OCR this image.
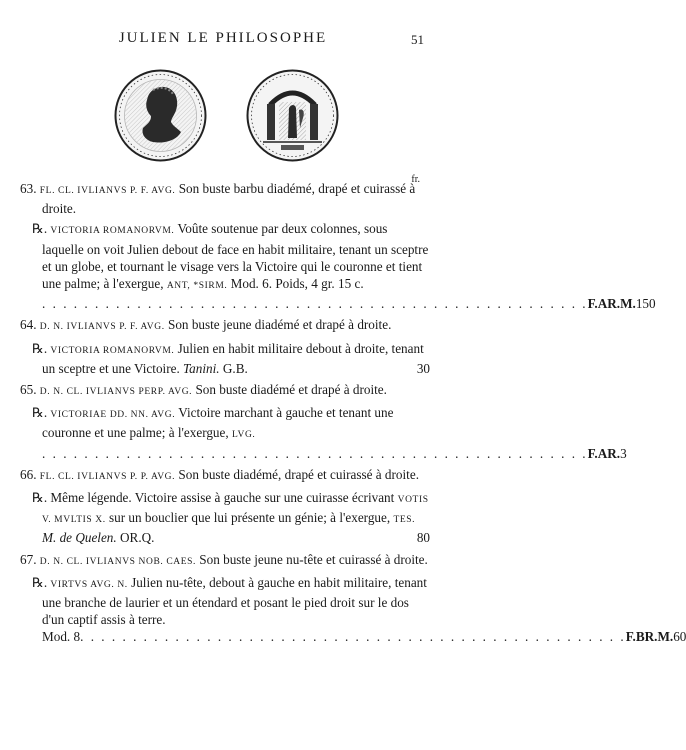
JULIEN LE PHILOSOPHE	51
fr.
63. FL. CL. IVLIANVS P. F. AVG. Son buste barbu diadémé, drapé et cuirassé à droite.
℞. VICTORIA ROMANORVM. Voûte soutenue par deux colonnes, sous laquelle on voit Julien debout de face en habit militaire, tenant un sceptre et un globe, et tournant le visage vers la Victoire qui le couronne et tient une palme; à l'exergue, ANT, *SIRM. Mod. 6. Poids, 4 gr. 15 c.
. . . . . . . . . . . . . . . . . . . . . . . . . . . . . . . . . . . . . . . . . . . . . . . . . . . . F.AR.M. 150
64. D. N. IVLIANVS P. F. AVG. Son buste jeune diadémé et drapé à droite.
℞. VICTORIA ROMANORVM. Julien en habit militaire debout à droite, tenant un sceptre et une Victoire. Tanini. G.B.	30
65. D. N. CL. IVLIANVS PERP. AVG. Son buste diadémé et drapé à droite.
℞. VICTORIAE DD. NN. AVG. Victoire marchant à gauche et tenant une couronne et une palme; à l'exergue, LVG.
. . . . . . . . . . . . . . . . . . . . . . . . . . . . . . . . . . . . . . . . . . . . . . . . . . . . F.AR. 3
66. FL. CL. IVLIANVS P. P. AVG. Son buste diadémé, drapé et cuirassé à droite.
℞. Même légende. Victoire assise à gauche sur une cuirasse écrivant VOTIS V. MVLTIS X. sur un bouclier que lui présente un génie; à l'exergue, TES. M. de Quelen. OR.Q.	80
67. D. N. CL. IVLIANVS NOB. CAES. Son buste jeune nu-tête et cuirassé à droite.
℞. VIRTVS AVG. N. Julien nu-tête, debout à gauche en habit militaire, tenant une branche de laurier et un étendard et posant le pied droit sur le dos d'un captif assis à terre.
Mod. 8 . . . . . . . . . . . . . . . . . . . . . . . . . . . . . . . . . . . . . . . . . . . . . . . . . . . . F.BR.M. 60
